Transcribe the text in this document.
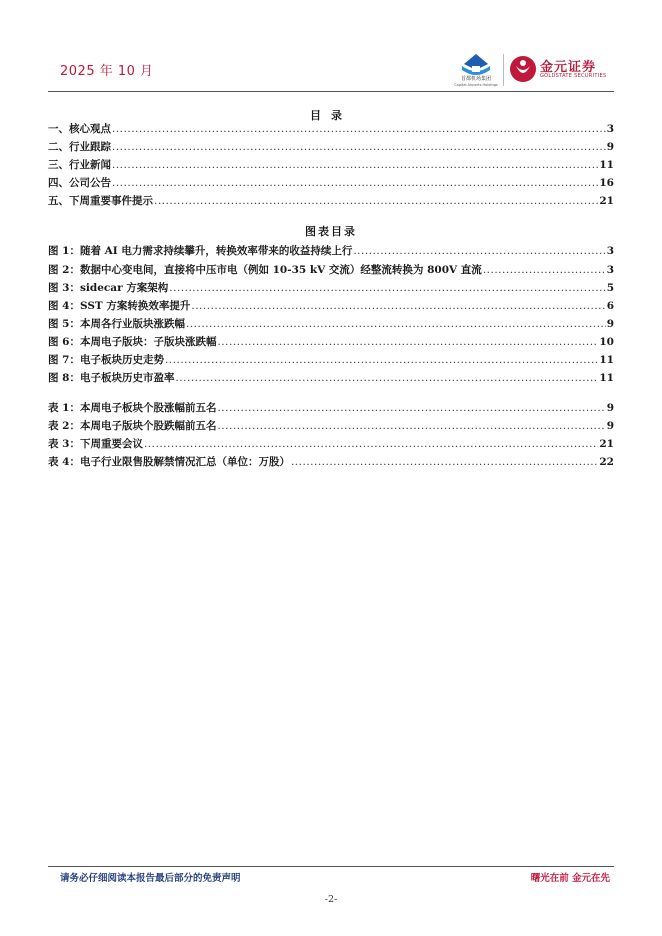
2025 年 10 月	首都机场集团
Capital Airports Holdings
金元证券
GOLDSTATE SECURITIES
目录
一、核心观点 .....	3
二、行业跟踪 .....	9
三、行业新闻 .....	11
四、公司公告 .....	16
五、下周重要事件提示 .....	21
图表目录
图 1：随着 AI 电力需求持续攀升，转换效率带来的收益持续上行 .....	3
图 2：数据中心变电间，直接将中压市电（例如 10-35 kV 交流）经整流转换为 800V 直流 .....	3
图 3：sidecar 方案架构 .....	5
图 4：SST 方案转换效率提升 .....	6
图 5：本周各行业版块涨跌幅 .....	9
图 6：本周电子版块：子版块涨跌幅 .....	10
图 7：电子板块历史走势 .....	11
图 8：电子板块历史市盈率 .....	11
表 1：本周电子板块个股涨幅前五名 .....	9
表 2：本周电子版块个股跌幅前五名 .....	9
表 3：下周重要会议 .....	21
表 4：电子行业限售股解禁情况汇总（单位：万股） .....	22
请务必仔细阅读本报告最后部分的免责声明	曙光在前 金元在先
-2-
